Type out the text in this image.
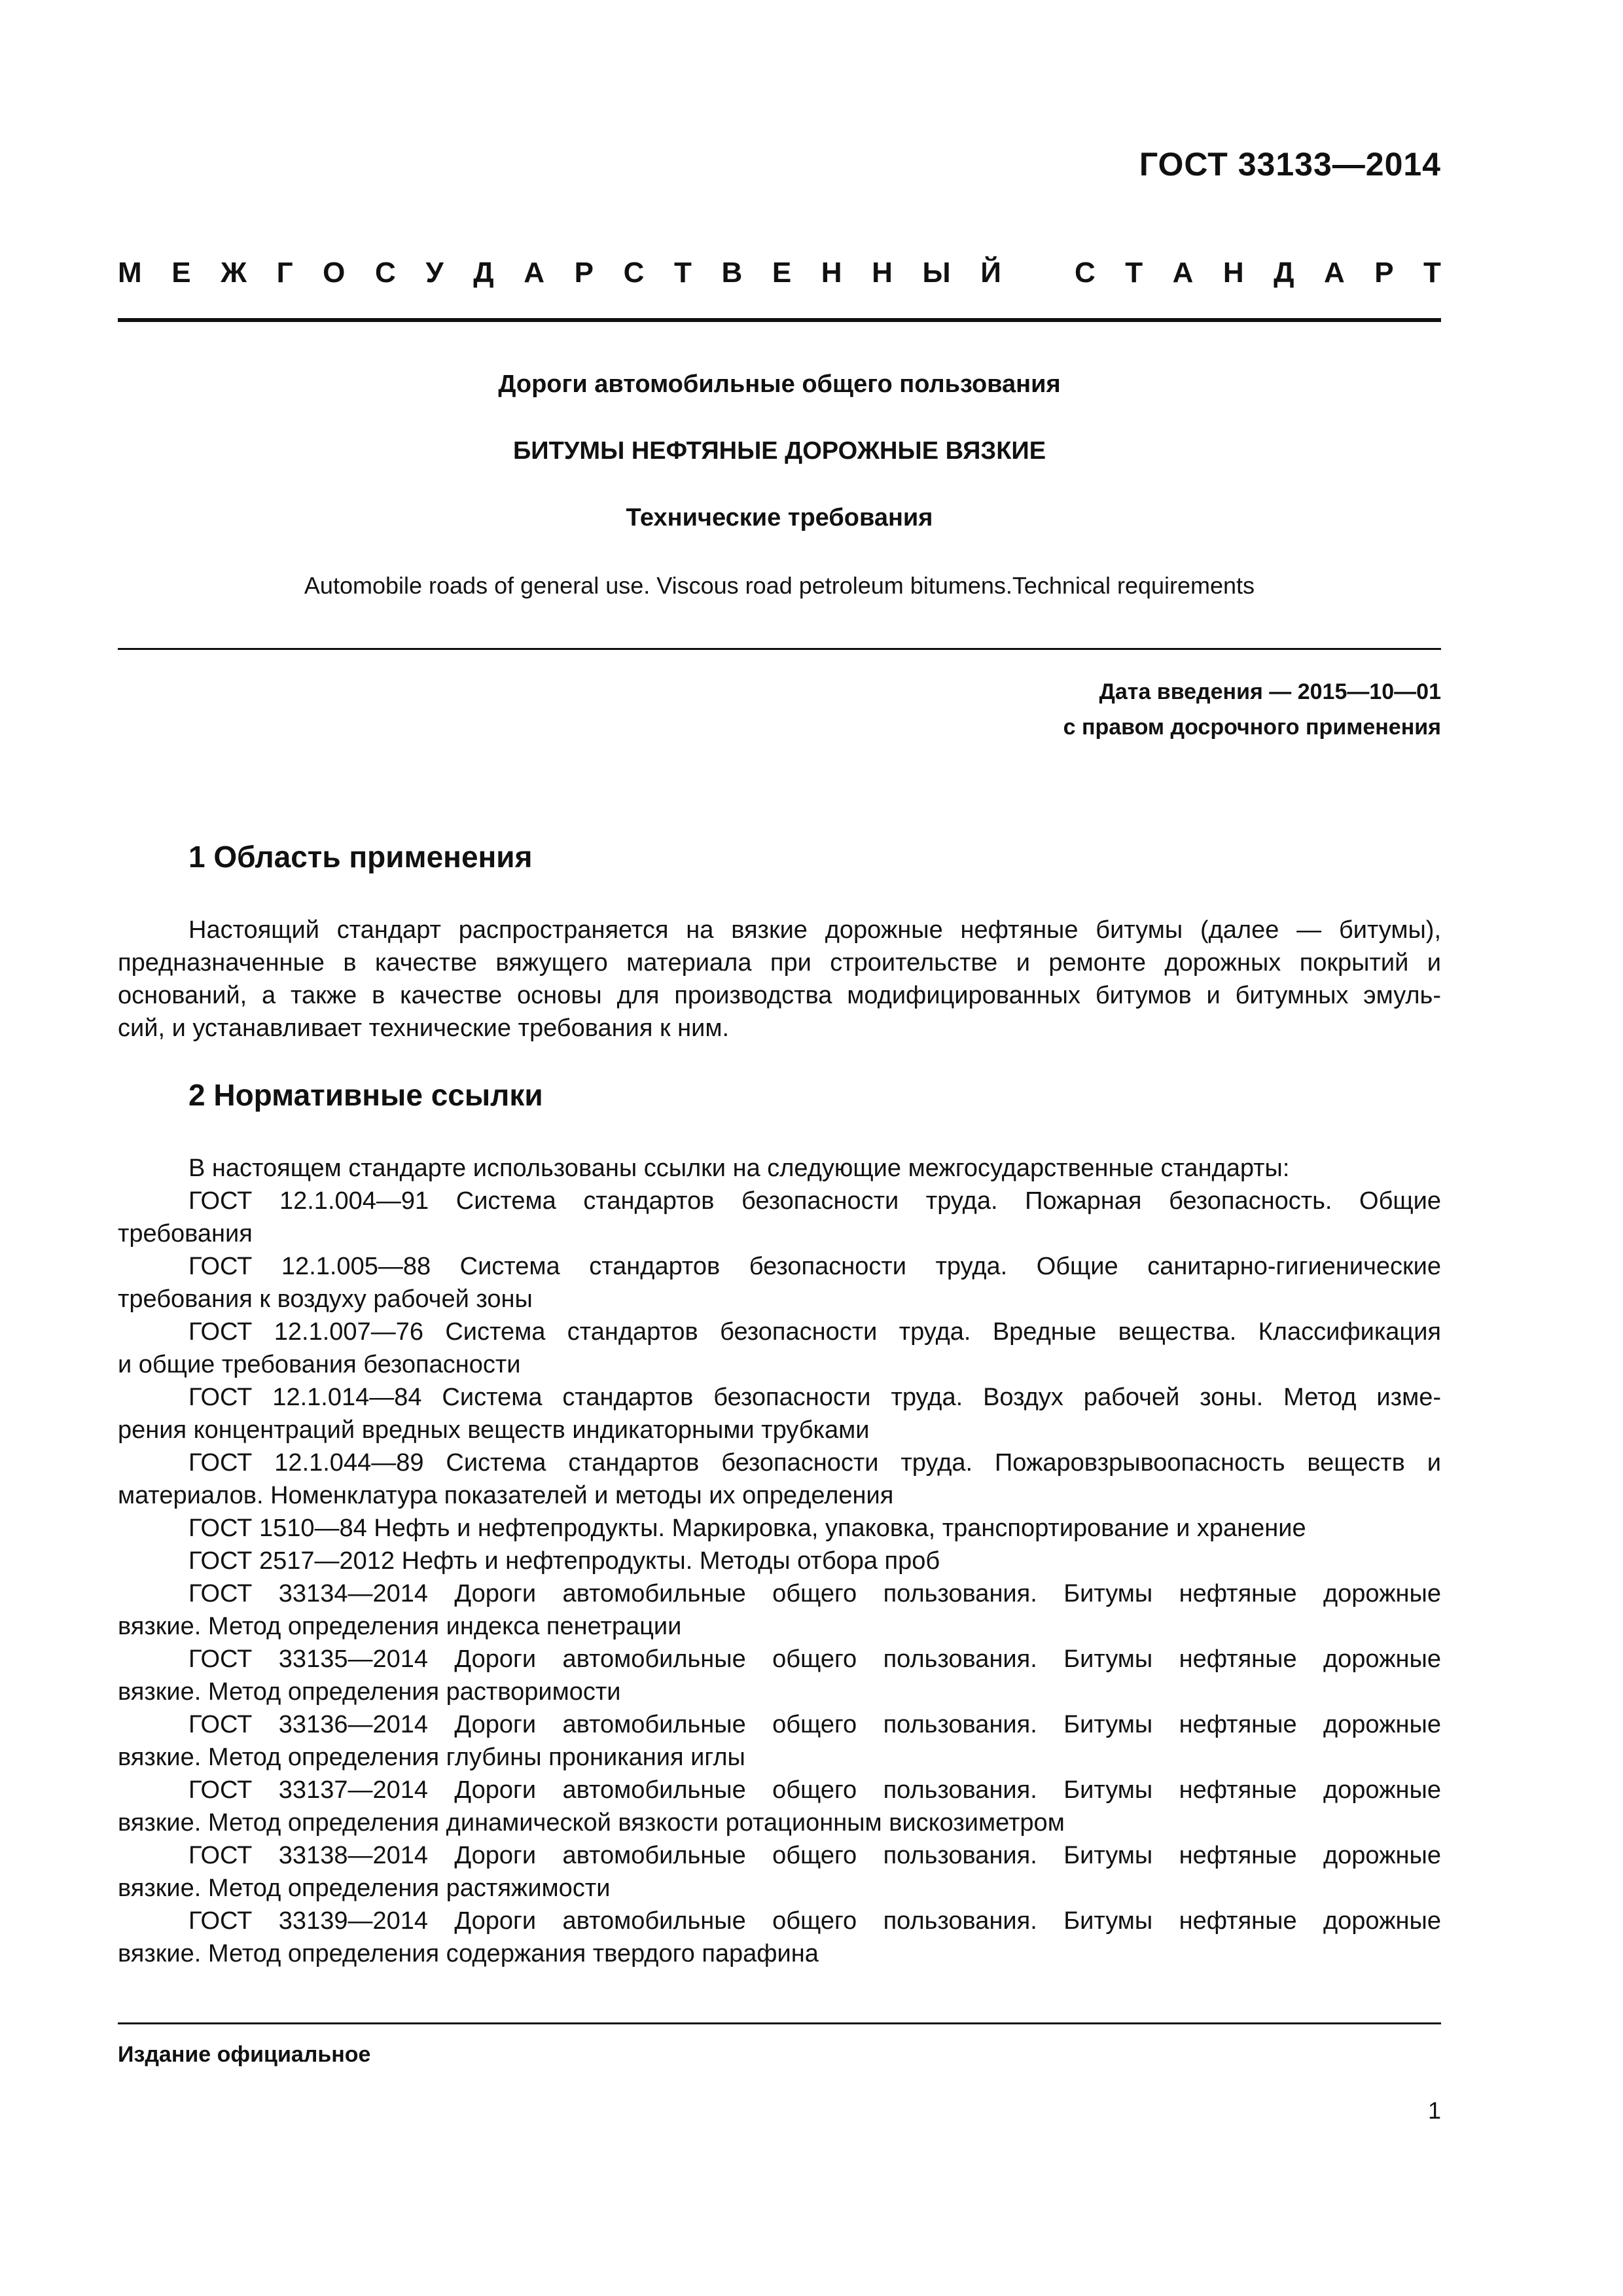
ГОСТ 33133—2014
М Е Ж Г О С У Д А Р С Т В Е Н Н Ы Й	С Т А Н Д А Р Т
Дороги автомобильные общего пользования
БИТУМЫ НЕФТЯНЫЕ ДОРОЖНЫЕ ВЯЗКИЕ
Технические требования
Automobile roads of general use. Viscous road petroleum bitumens.Technical requirements
Дата введения — 2015—10—01
с правом досрочного применения
1 Область применения
Настоящий стандарт распространяется на вязкие дорожные нефтяные битумы (далее — битумы),
предназначенные в качестве вяжущего материала при строительстве и ремонте дорожных покрытий и
оснований, а также в качестве основы для производства модифицированных битумов и битумных эмуль-
сий, и устанавливает технические требования к ним.
2 Нормативные ссылки
В настоящем стандарте использованы ссылки на следующие межгосударственные стандарты:
ГОСТ 12.1.004—91 Система стандартов безопасности труда. Пожарная безопасность. Общие
требования
ГОСТ 12.1.005—88 Система стандартов безопасности труда. Общие санитарно-гигиенические
требования к воздуху рабочей зоны
ГОСТ 12.1.007—76 Система стандартов безопасности труда. Вредные вещества. Классификация
и общие требования безопасности
ГОСТ 12.1.014—84 Система стандартов безопасности труда. Воздух рабочей зоны. Метод изме-
рения концентраций вредных веществ индикаторными трубками
ГОСТ 12.1.044—89 Система стандартов безопасности труда. Пожаровзрывоопасность веществ и
материалов. Номенклатура показателей и методы их определения
ГОСТ 1510—84 Нефть и нефтепродукты. Маркировка, упаковка, транспортирование и хранение
ГОСТ 2517—2012 Нефть и нефтепродукты. Методы отбора проб
ГОСТ 33134—2014 Дороги автомобильные общего пользования. Битумы нефтяные дорожные
вязкие. Метод определения индекса пенетрации
ГОСТ 33135—2014 Дороги автомобильные общего пользования. Битумы нефтяные дорожные
вязкие. Метод определения растворимости
ГОСТ 33136—2014 Дороги автомобильные общего пользования. Битумы нефтяные дорожные
вязкие. Метод определения глубины проникания иглы
ГОСТ 33137—2014 Дороги автомобильные общего пользования. Битумы нефтяные дорожные
вязкие. Метод определения динамической вязкости ротационным вискозиметром
ГОСТ 33138—2014 Дороги автомобильные общего пользования. Битумы нефтяные дорожные
вязкие. Метод определения растяжимости
ГОСТ 33139—2014 Дороги автомобильные общего пользования. Битумы нефтяные дорожные
вязкие. Метод определения содержания твердого парафина
Издание официальное
1
